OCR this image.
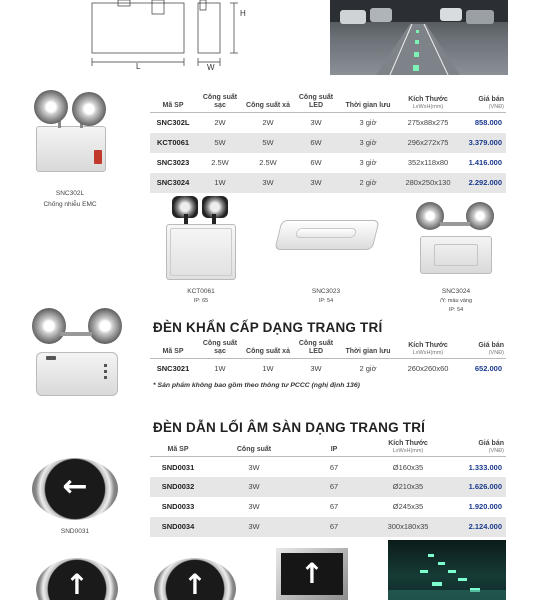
L	W
H
SNC302L
Chống nhiễu EMC
Mã SP	Công suất sạc	Công suất xả	Công suất LED	Thời gian lưu	Kích Thước
LxWxH(mm)	Giá bán
(VNĐ)

SNC302L	2W	2W	3W	3 giờ	275x88x275	858.000
KCT0061	5W	5W	6W	3 giờ	296x272x75	3.379.000
SNC3023	2.5W	2.5W	6W	3 giờ	352x118x80	1.416.000
SNC3024	1W	3W	3W	2 giờ	280x250x130	2.292.000
KCT0061
IP: 65
SNC3023
IP: 54
SNC3024
/Y: màu vàng
IP: 54
ĐÈN KHẨN CẤP DẠNG TRANG TRÍ
Mã SP	Công suất sạc	Công suất xả	Công suất LED	Thời gian lưu	Kích Thước
LxWxH(mm)	Giá bán
(VNĐ)

SNC3021	1W	1W	3W	2 giờ	260x260x60	652.000
* Sản phẩm không bao gồm theo thông tư PCCC (nghị định 136)
ĐÈN DẪN LỐI ÂM SÀN DẠNG TRANG TRÍ
←
SND0031
Mã SP	Công suất	IP	Kích Thước
LxWxH(mm)	Giá bán
(VNĐ)

SND0031	3W	67	Ø160x35	1.333.000
SND0032	3W	67	Ø210x35	1.626.000
SND0033	3W	67	Ø245x35	1.920.000
SND0034	3W	67	300x180x35	2.124.000
↑	↑	↑
